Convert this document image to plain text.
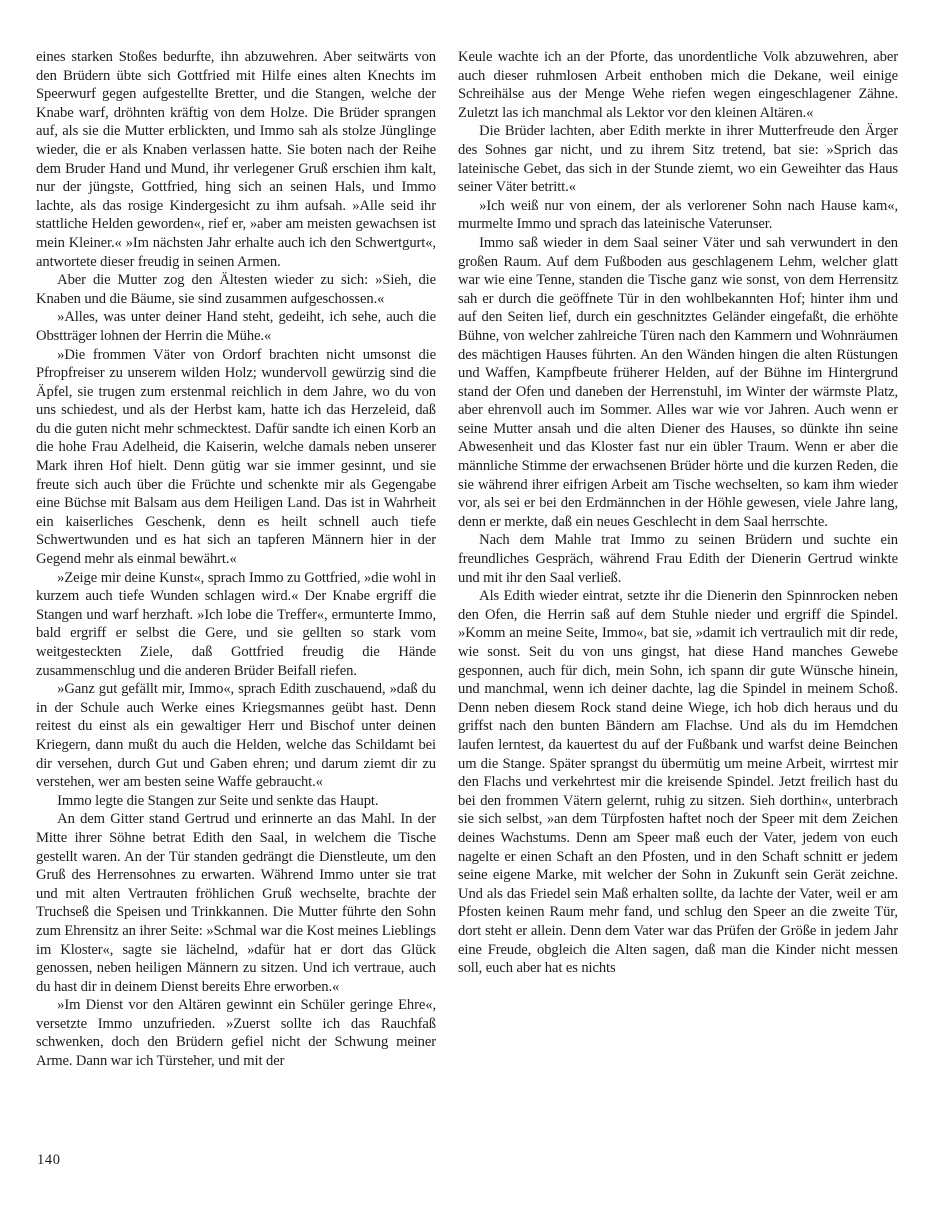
eines starken Stoßes bedurfte, ihn abzuwehren. Aber seitwärts von den Brüdern übte sich Gottfried mit Hilfe eines alten Knechts im Speerwurf gegen aufgestellte Bretter, und die Stangen, welche der Knabe warf, dröhnten kräftig von dem Holze. Die Brüder sprangen auf, als sie die Mutter erblickten, und Immo sah als stolze Jünglinge wieder, die er als Knaben verlassen hatte. Sie boten nach der Reihe dem Bruder Hand und Mund, ihr verlegener Gruß erschien ihm kalt, nur der jüngste, Gottfried, hing sich an seinen Hals, und Immo lachte, als das rosige Kindergesicht zu ihm aufsah. »Alle seid ihr stattliche Helden geworden«, rief er, »aber am meisten gewachsen ist mein Kleiner.« »Im nächsten Jahr erhalte auch ich den Schwertgurt«, antwortete dieser freudig in seinen Armen.

Aber die Mutter zog den Ältesten wieder zu sich: »Sieh, die Knaben und die Bäume, sie sind zusammen aufgeschossen.«

»Alles, was unter deiner Hand steht, gedeiht, ich sehe, auch die Obstträger lohnen der Herrin die Mühe.«

»Die frommen Väter von Ordorf brachten nicht umsonst die Pfropfreiser zu unserem wilden Holz; wundervoll gewürzig sind die Äpfel, sie trugen zum erstenmal reichlich in dem Jahre, wo du von uns schiedest, und als der Herbst kam, hatte ich das Herzeleid, daß du die guten nicht mehr schmecktest. Dafür sandte ich einen Korb an die hohe Frau Adelheid, die Kaiserin, welche damals neben unserer Mark ihren Hof hielt. Denn gütig war sie immer gesinnt, und sie freute sich auch über die Früchte und schenkte mir als Gegengabe eine Büchse mit Balsam aus dem Heiligen Land. Das ist in Wahrheit ein kaiserliches Geschenk, denn es heilt schnell auch tiefe Schwertwunden und es hat sich an tapferen Männern hier in der Gegend mehr als einmal bewährt.«

»Zeige mir deine Kunst«, sprach Immo zu Gottfried, »die wohl in kurzem auch tiefe Wunden schlagen wird.« Der Knabe ergriff die Stangen und warf herzhaft. »Ich lobe die Treffer«, ermunterte Immo, bald ergriff er selbst die Gere, und sie gellten so stark vom weitgesteckten Ziele, daß Gottfried freudig die Hände zusammenschlug und die anderen Brüder Beifall riefen.

»Ganz gut gefällt mir, Immo«, sprach Edith zuschauend, »daß du in der Schule auch Werke eines Kriegsmannes geübt hast. Denn reitest du einst als ein gewaltiger Herr und Bischof unter deinen Kriegern, dann mußt du auch die Helden, welche das Schildamt bei dir versehen, durch Gut und Gaben ehren; und darum ziemt dir zu verstehen, wer am besten seine Waffe gebraucht.«

Immo legte die Stangen zur Seite und senkte das Haupt.

An dem Gitter stand Gertrud und erinnerte an das Mahl. In der Mitte ihrer Söhne betrat Edith den Saal, in welchem die Tische gestellt waren. An der Tür standen gedrängt die Dienstleute, um den Gruß des Herrensohnes zu erwarten. Während Immo unter sie trat und mit alten Vertrauten fröhlichen Gruß wechselte, brachte der Truchseß die Speisen und Trinkkannen. Die Mutter führte den Sohn zum Ehrensitz an ihrer Seite: »Schmal war die Kost meines Lieblings im Kloster«, sagte sie lächelnd, »dafür hat er dort das Glück genossen, neben heiligen Männern zu sitzen. Und ich vertraue, auch du hast dir in deinem Dienst bereits Ehre erworben.«

»Im Dienst vor den Altären gewinnt ein Schüler geringe Ehre«, versetzte Immo unzufrieden. »Zuerst sollte ich das Rauchfaß schwenken, doch den Brüdern gefiel nicht der Schwung meiner Arme. Dann war ich Türsteher, und mit der

Keule wachte ich an der Pforte, das unordentliche Volk abzuwehren, aber auch dieser ruhmlosen Arbeit enthoben mich die Dekane, weil einige Schreihälse aus der Menge Wehe riefen wegen eingeschlagener Zähne. Zuletzt las ich manchmal als Lektor vor den kleinen Altären.«

Die Brüder lachten, aber Edith merkte in ihrer Mutterfreude den Ärger des Sohnes gar nicht, und zu ihrem Sitz tretend, bat sie: »Sprich das lateinische Gebet, das sich in der Stunde ziemt, wo ein Geweihter das Haus seiner Väter betritt.«

»Ich weiß nur von einem, der als verlorener Sohn nach Hause kam«, murmelte Immo und sprach das lateinische Vaterunser.

Immo saß wieder in dem Saal seiner Väter und sah verwundert in den großen Raum. Auf dem Fußboden aus geschlagenem Lehm, welcher glatt war wie eine Tenne, standen die Tische ganz wie sonst, von dem Herrensitz sah er durch die geöffnete Tür in den wohlbekannten Hof; hinter ihm und auf den Seiten lief, durch ein geschnitztes Geländer eingefaßt, die erhöhte Bühne, von welcher zahlreiche Türen nach den Kammern und Wohnräumen des mächtigen Hauses führten. An den Wänden hingen die alten Rüstungen und Waffen, Kampfbeute früherer Helden, auf der Bühne im Hintergrund stand der Ofen und daneben der Herrenstuhl, im Winter der wärmste Platz, aber ehrenvoll auch im Sommer. Alles war wie vor Jahren. Auch wenn er seine Mutter ansah und die alten Diener des Hauses, so dünkte ihn seine Abwesenheit und das Kloster fast nur ein übler Traum. Wenn er aber die männliche Stimme der erwachsenen Brüder hörte und die kurzen Reden, die sie während ihrer eifrigen Arbeit am Tische wechselten, so kam ihm wieder vor, als sei er bei den Erdmännchen in der Höhle gewesen, viele Jahre lang, denn er merkte, daß ein neues Geschlecht in dem Saal herrschte.

Nach dem Mahle trat Immo zu seinen Brüdern und suchte ein freundliches Gespräch, während Frau Edith der Dienerin Gertrud winkte und mit ihr den Saal verließ.

Als Edith wieder eintrat, setzte ihr die Dienerin den Spinnrocken neben den Ofen, die Herrin saß auf dem Stuhle nieder und ergriff die Spindel. »Komm an meine Seite, Immo«, bat sie, »damit ich vertraulich mit dir rede, wie sonst. Seit du von uns gingst, hat diese Hand manches Gewebe gesponnen, auch für dich, mein Sohn, ich spann dir gute Wünsche hinein, und manchmal, wenn ich deiner dachte, lag die Spindel in meinem Schoß. Denn neben diesem Rock stand deine Wiege, ich hob dich heraus und du griffst nach den bunten Bändern am Flachse. Und als du im Hemdchen laufen lerntest, da kauertest du auf der Fußbank und warfst deine Beinchen um die Stange. Später sprangst du übermütig um meine Arbeit, wirrtest mir den Flachs und verkehrtest mir die kreisende Spindel. Jetzt freilich hast du bei den frommen Vätern gelernt, ruhig zu sitzen. Sieh dorthin«, unterbrach sie sich selbst, »an dem Türpfosten haftet noch der Speer mit dem Zeichen deines Wachstums. Denn am Speer maß euch der Vater, jedem von euch nagelte er einen Schaft an den Pfosten, und in den Schaft schnitt er jedem seine eigene Marke, mit welcher der Sohn in Zukunft sein Gerät zeichne. Und als das Friedel sein Maß erhalten sollte, da lachte der Vater, weil er am Pfosten keinen Raum mehr fand, und schlug den Speer an die zweite Tür, dort steht er allein. Denn dem Vater war das Prüfen der Größe in jedem Jahr eine Freude, obgleich die Alten sagen, daß man die Kinder nicht messen soll, euch aber hat es nichts

140
